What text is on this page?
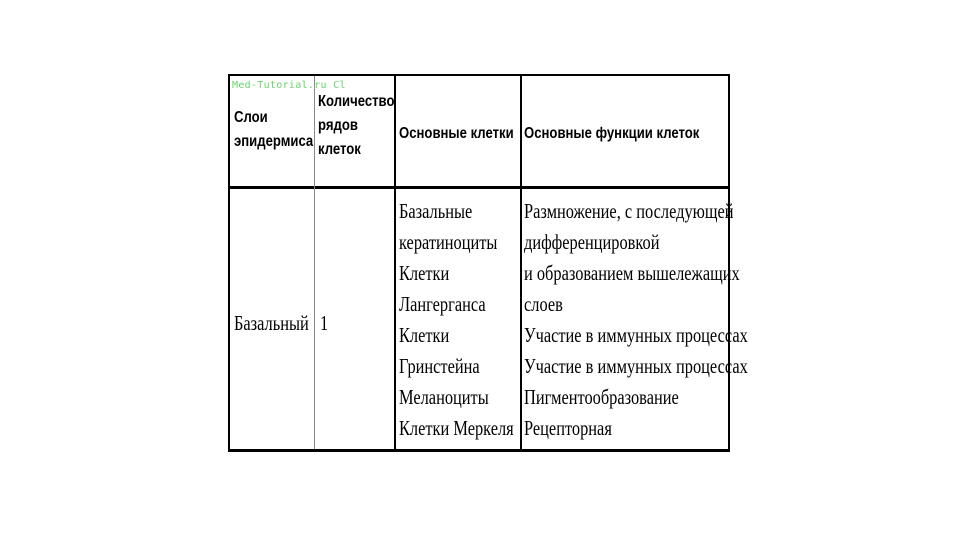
Med-Tutorial.ru Cl
Слои
эпидермиса
Количество
рядов
клеток
Основные клетки Основные функции клеток
Базальный 1
Базальные
кератиноциты
Клетки
Лангерганса
Клетки
Гринстейна
Меланоциты
Клетки Меркеля
Размножение, с последующей
дифференцировкой
и образованием вышележащих
слоев
Участие в иммунных процессах
Участие в иммунных процессах
Пигментообразование
Рецепторная
